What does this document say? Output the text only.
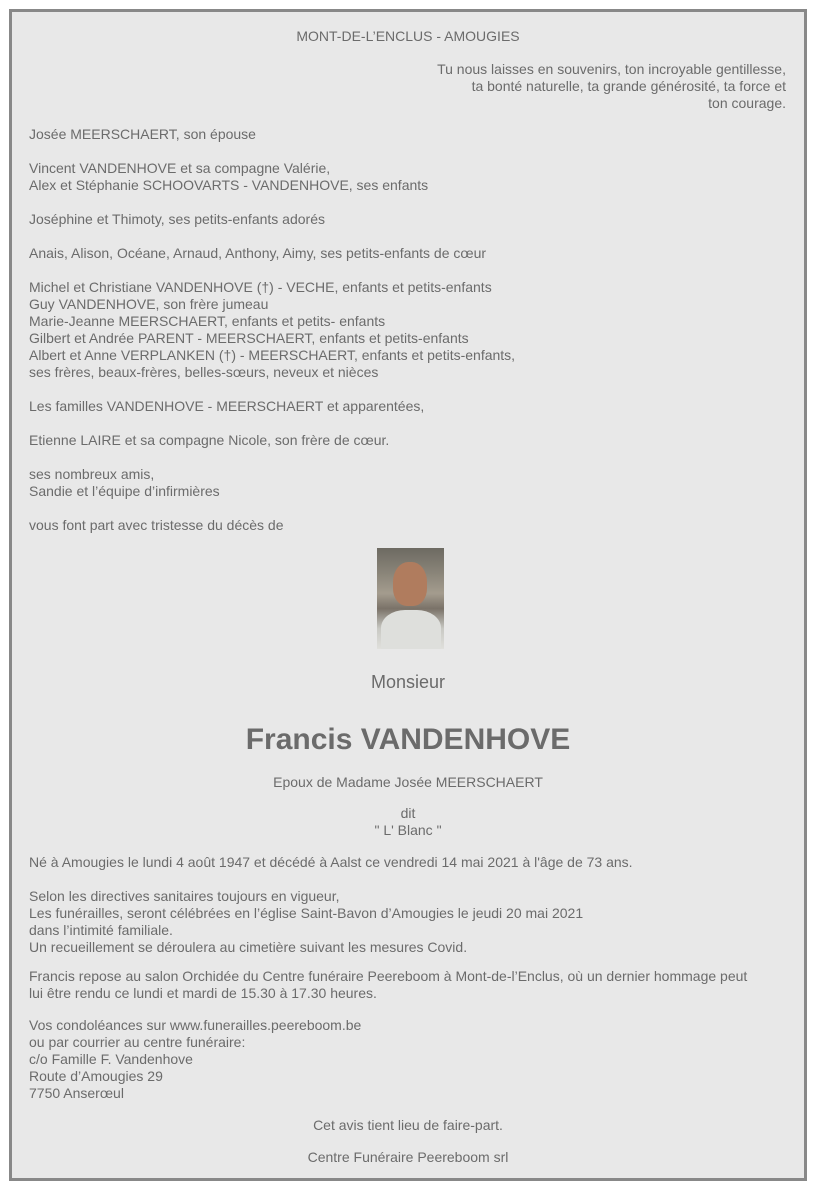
MONT-DE-L’ENCLUS - AMOUGIES
Tu nous laisses en souvenirs, ton incroyable gentillesse,
ta bonté naturelle, ta grande générosité, ta force et
ton courage.
Josée MEERSCHAERT, son épouse
Vincent VANDENHOVE et sa compagne Valérie,
Alex et Stéphanie SCHOOVARTS - VANDENHOVE, ses enfants
Joséphine et Thimoty, ses petits-enfants adorés
Anais, Alison, Océane, Arnaud, Anthony, Aimy, ses petits-enfants de cœur
Michel et Christiane VANDENHOVE (†) - VECHE, enfants et petits-enfants
Guy VANDENHOVE, son frère jumeau
Marie-Jeanne MEERSCHAERT, enfants et petits- enfants
Gilbert et Andrée PARENT - MEERSCHAERT, enfants et petits-enfants
Albert et Anne VERPLANKEN (†) - MEERSCHAERT, enfants et petits-enfants,
ses frères, beaux-frères, belles-sœurs, neveux et nièces
Les familles VANDENHOVE - MEERSCHAERT et apparentées,
Etienne LAIRE et sa compagne Nicole, son frère de cœur.
ses nombreux amis,
Sandie et l’équipe d’infirmières
vous font part avec tristesse du décès de
Monsieur
Francis VANDENHOVE
Epoux de Madame Josée MEERSCHAERT
dit
" L' Blanc "
Né à Amougies le lundi 4 août 1947 et décédé à Aalst ce vendredi 14 mai 2021 à l'âge de 73 ans.
Selon les directives sanitaires toujours en vigueur,
Les funérailles, seront célébrées en l’église Saint-Bavon d’Amougies le jeudi 20 mai 2021
dans l’intimité familiale.
Un recueillement se déroulera au cimetière suivant les mesures Covid.
Francis repose au salon Orchidée du Centre funéraire Peereboom à Mont-de-l’Enclus, où un dernier hommage peut
lui être rendu ce lundi et mardi de 15.30 à 17.30 heures.
Vos condoléances sur www.funerailles.peereboom.be
ou par courrier au centre funéraire:
c/o Famille F. Vandenhove
Route d’Amougies 29
7750 Anserœul
Cet avis tient lieu de faire-part.
Centre Funéraire Peereboom srl
